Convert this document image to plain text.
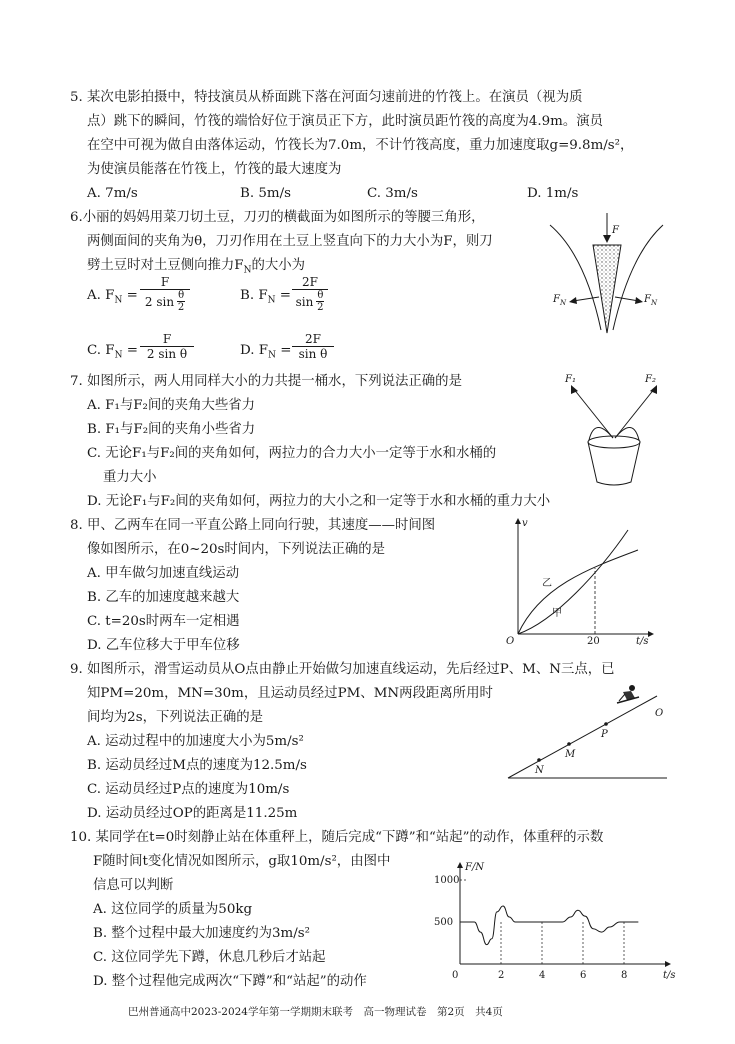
5. 某次电影拍摄中，特技演员从桥面跳下落在河面匀速前进的竹筏上。在演员（视为质
点）跳下的瞬间，竹筏的端恰好位于演员正下方，此时演员距竹筏的高度为4.9m。演员
在空中可视为做自由落体运动，竹筏长为7.0m，不计竹筏高度，重力加速度取g=9.8m/s²，
为使演员能落在竹筏上，竹筏的最大速度为
A. 7m/s	B. 5m/s	C. 3m/s	D. 1m/s
6.小丽的妈妈用菜刀切土豆，刀刃的横截面为如图所示的等腰三角形，
两侧面间的夹角为θ，刀刃作用在土豆上竖直向下的力大小为F，则刀
劈土豆时对土豆侧向推力$F_N$的大小为
A. $F_N$ =
F
2 sin θ
2
B. $F_N$ =
2F
sin θ
2
C. $F_N$ =
F
2 sin θ	D. $F_N$ =
2F
sin θ
F
$F_N$	$F_N$
7. 如图所示，两人用同样大小的力共提一桶水，下列说法正确的是
A. F₁与F₂间的夹角大些省力
B. F₁与F₂间的夹角小些省力
C. 无论F₁与F₂间的夹角如何，两拉力的合力大小一定等于水和水桶的
重力大小
D. 无论F₁与F₂间的夹角如何，两拉力的大小之和一定等于水和水桶的重力大小
F₁	F₂
8. 甲、乙两车在同一平直公路上同向行驶，其速度——时间图
像如图所示，在0~20s时间内，下列说法正确的是
A. 甲车做匀加速直线运动
B. 乙车的加速度越来越大
C. t=20s时两车一定相遇
D. 乙车位移大于甲车位移
v
t/s
O	20
乙
甲
9. 如图所示，滑雪运动员从O点由静止开始做匀加速直线运动，先后经过P、M、N三点，已
知PM=20m，MN=30m，且运动员经过PM、MN两段距离所用时
间均为2s，下列说法正确的是
A. 运动过程中的加速度大小为5m/s²
B. 运动员经过M点的速度为12.5m/s
C. 运动员经过P点的速度为10m/s
D. 运动员经过OP的距离是11.25m
O
P
M
N
10. 某同学在t=0时刻静止站在体重秤上，随后完成“下蹲”和“站起”的动作，体重秤的示数
F随时间t变化情况如图所示，g取10m/s²，由图中
信息可以判断
A. 这位同学的质量为50kg
B. 整个过程中最大加速度约为3m/s²
C. 这位同学先下蹲，休息几秒后才站起
D. 整个过程他完成两次“下蹲”和“站起”的动作
F/N
t/s
0	2	4	6	8
500
1000
巴州普通高中2023-2024学年第一学期期末联考　高一物理试卷　第2页　共4页
